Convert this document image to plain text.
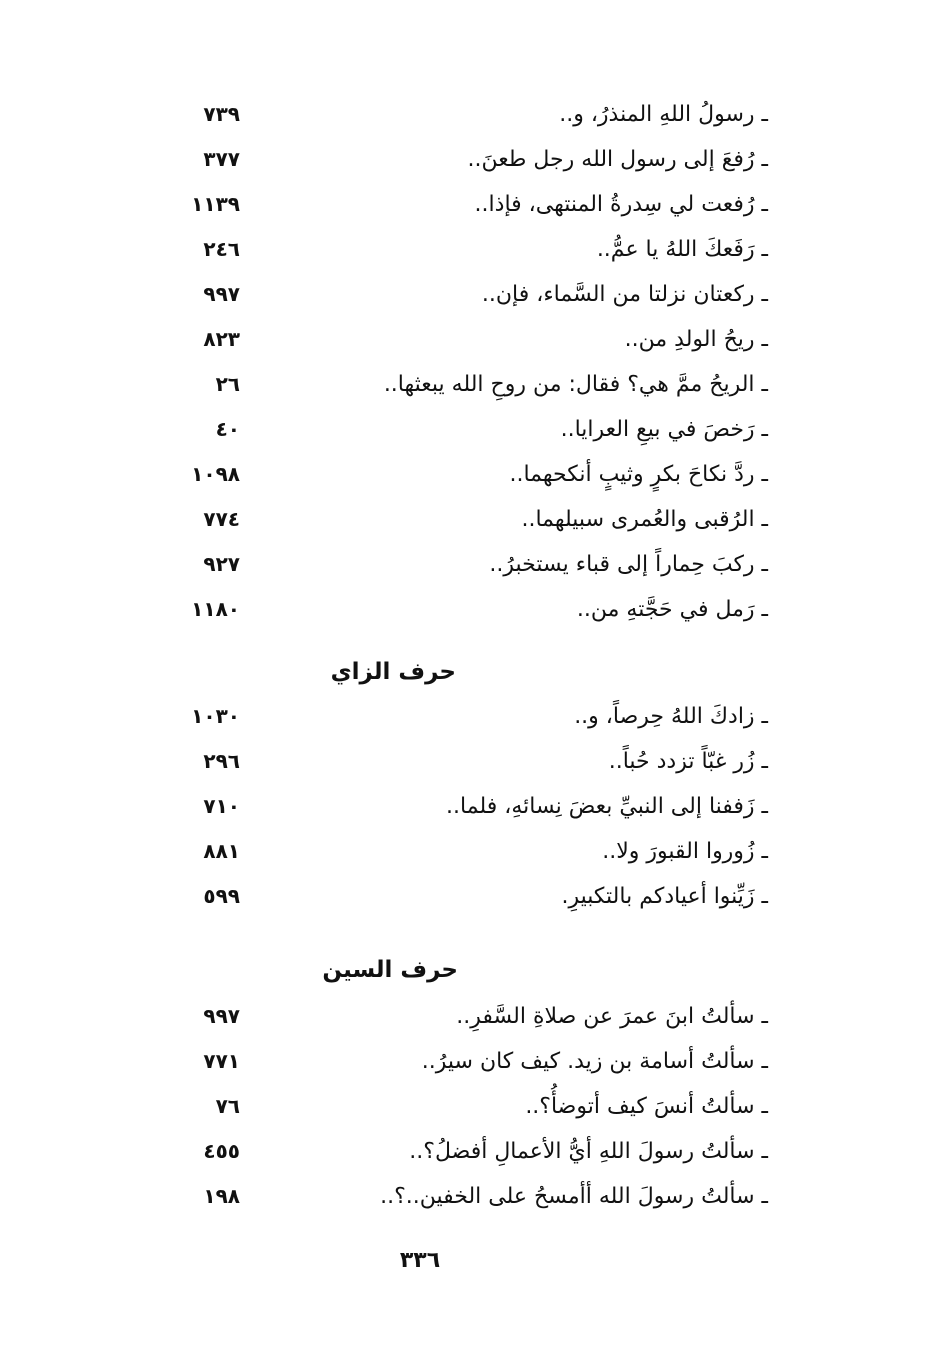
ـ رسولُ اللهِ المنذرُ، و..
٧٣٩
ـ رُفعَ إلى رسول الله رجل طعنَ..
٣٧٧
ـ رُفعت لي سِدرةُ المنتهى، فإذا..
١١٣٩
ـ رَفَعكَ اللهُ يا عمُّ..
٢٤٦
ـ ركعتان نزلتا من السَّماء، فإن..
٩٩٧
ـ ريحُ الولدِ من..
٨٢٣
ـ الريحُ ممَّ هي؟ فقال: من روحِ الله يبعثها..
٢٦
ـ رَخصَ في بيعِ العرايا..
٤٠
ـ ردَّ نكاحَ بكرٍ وثيبٍ أنكحهما..
١٠٩٨
ـ الرُقبى والعُمرى سبيلهما..
٧٧٤
ـ ركبَ حِماراً إلى قباء يستخبرُ..
٩٢٧
ـ رَمل في حَجَّتهِ من..
١١٨٠
حرف الزاي
ـ زادكَ اللهُ حِرصاً، و..
١٠٣٠
ـ زُر غبّاً تزدد حُباً..
٢٩٦
ـ زَففنا إلى النبيِّ بعضَ نِسائهِ، فلما..
٧١٠
ـ زُوروا القبورَ ولا..
٨٨١
ـ زَيِّنوا أعيادكم بالتكبيرِ.
٥٩٩
حرف السين
ـ سألتُ ابنَ عمرَ عن صلاةِ السَّفرِ..
٩٩٧
ـ سألتُ أسامة بن زيد. كيف كان سيرُ..
٧٧١
ـ سألتُ أنسَ كيف أتوضأُ؟..
٧٦
ـ سألتُ رسولَ اللهِ أيُّ الأعمالِ أفضلُ؟..
٤٥٥
ـ سألتُ رسولَ الله أأمسحُ على الخفين..؟..
١٩٨
٣٣٦
